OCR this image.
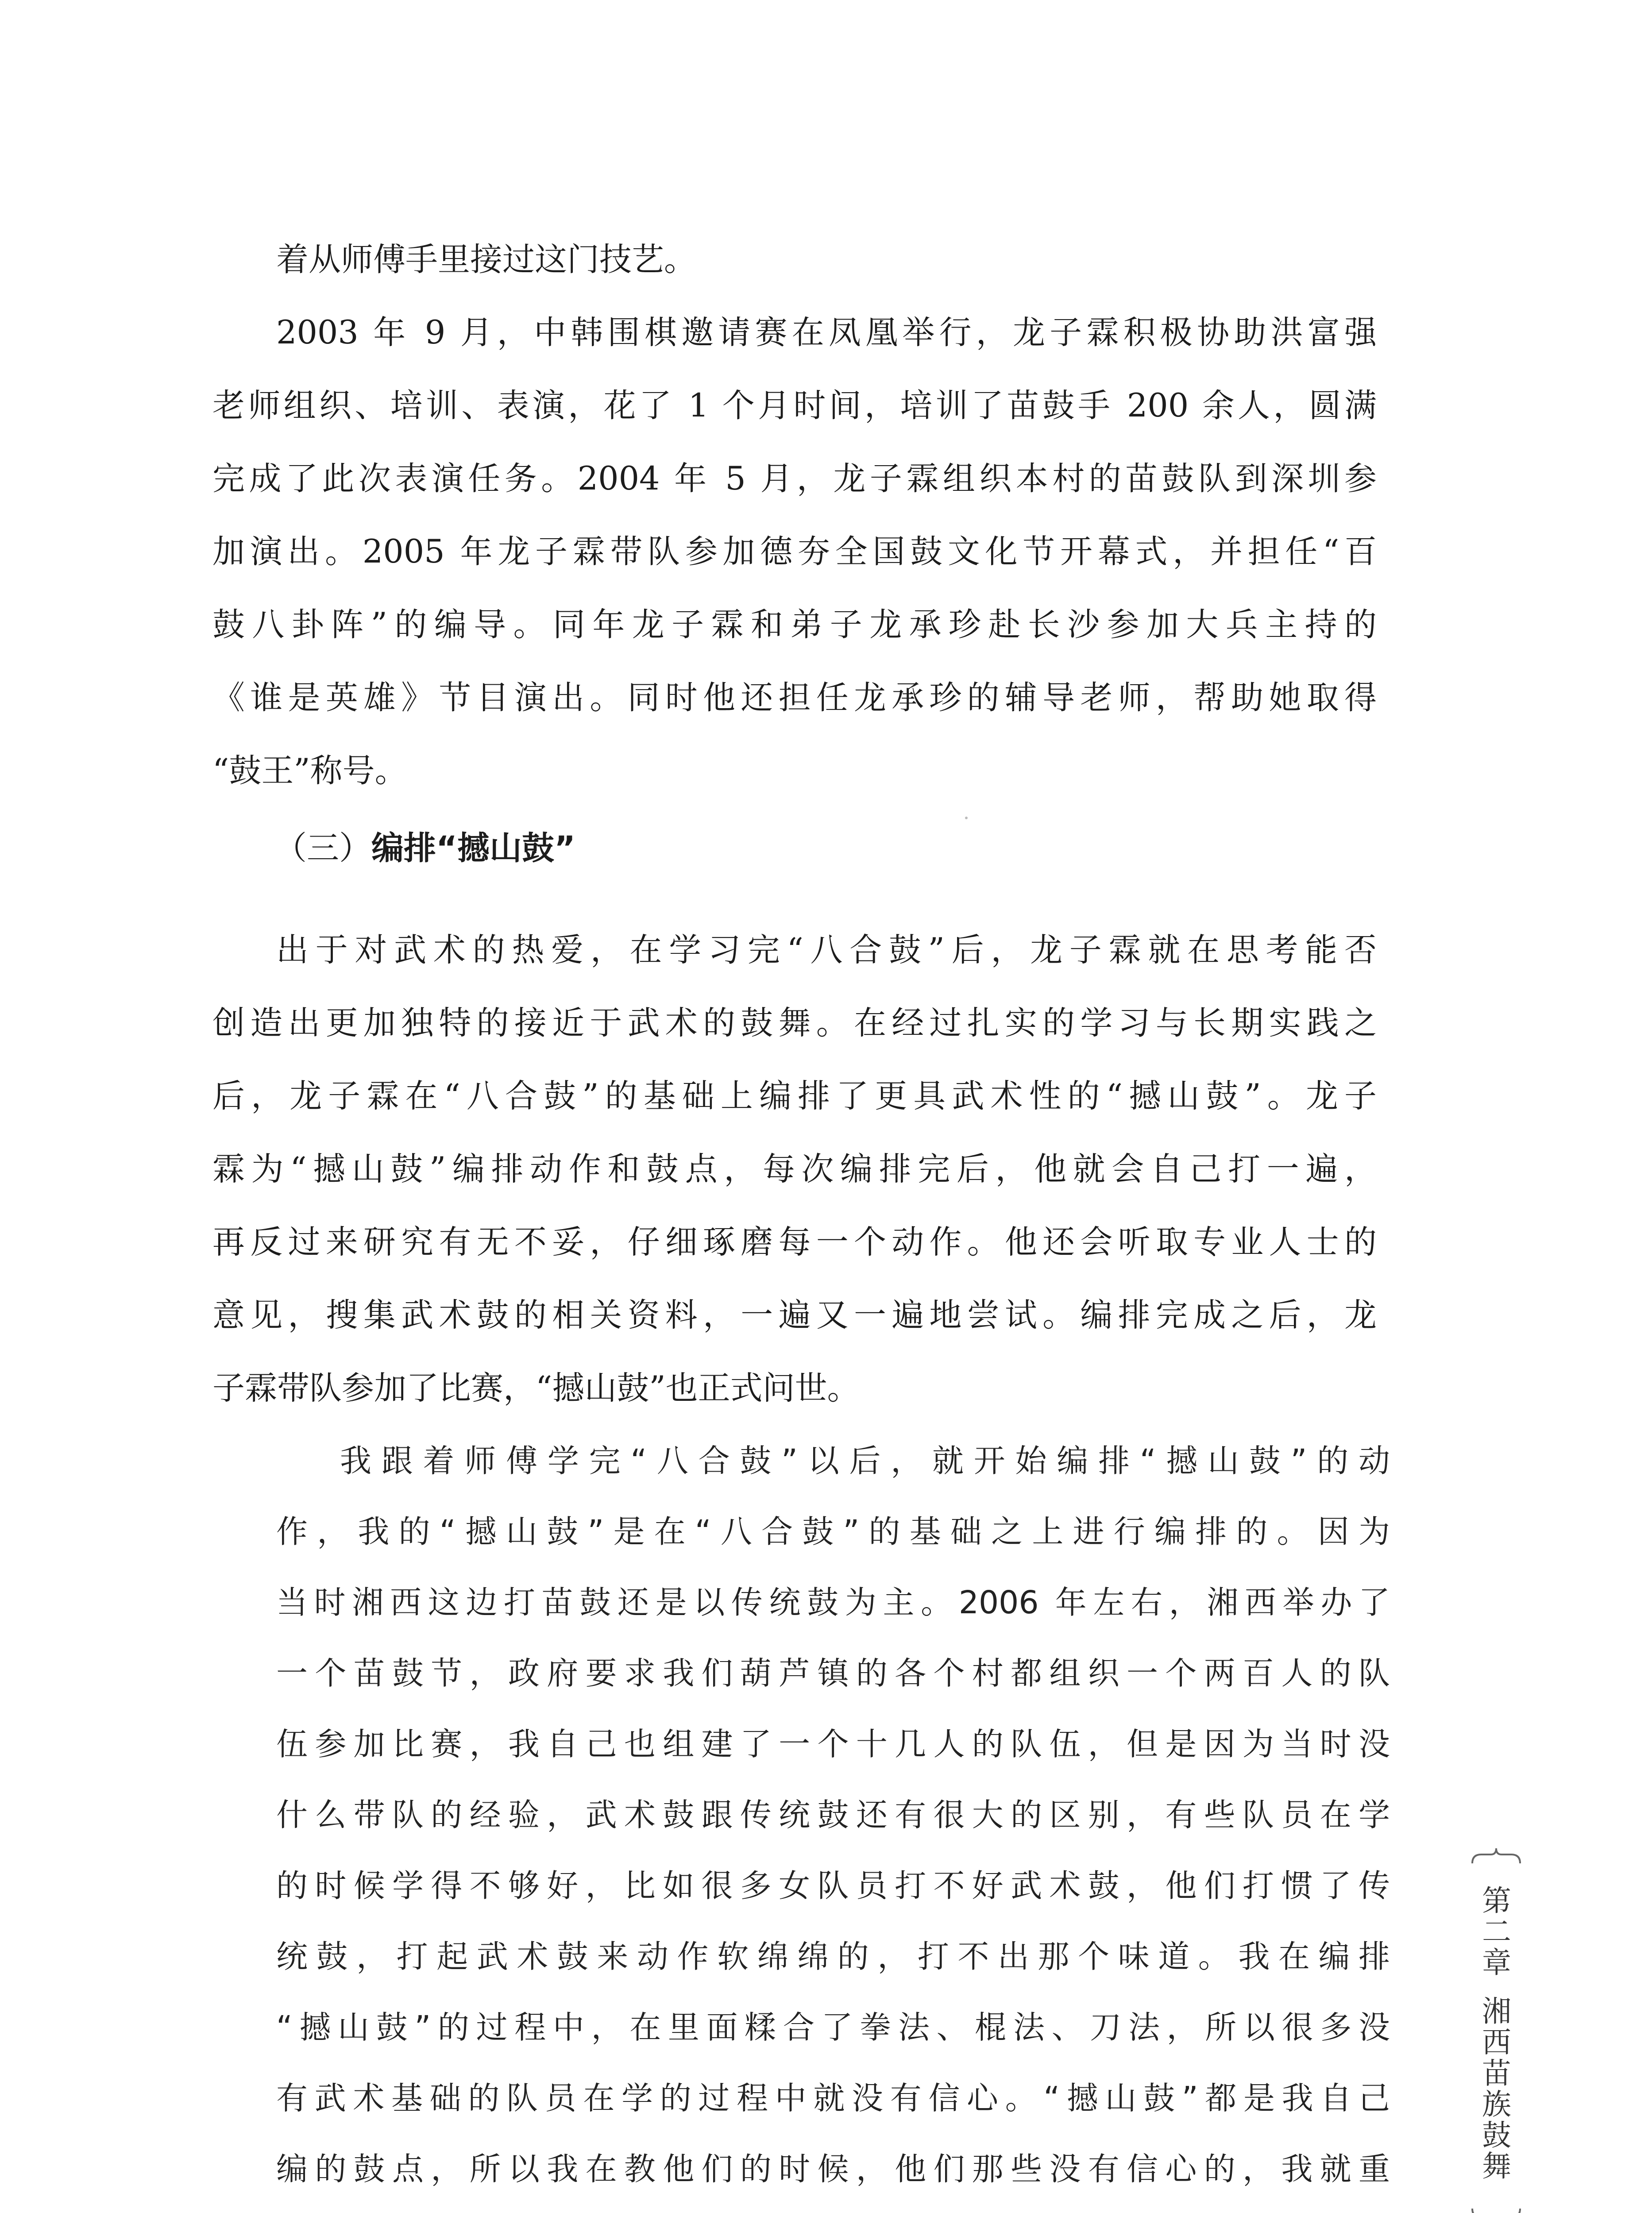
着从师傅手里接过这门技艺。
2003 年 9 月，中韩围棋邀请赛在凤凰举行，龙子霖积极协助洪富强
老师组织、培训、表演，花了 1 个月时间，培训了苗鼓手 200 余人，圆满
完成了此次表演任务。2004 年 5 月，龙子霖组织本村的苗鼓队到深圳参
加演出。2005 年龙子霖带队参加德夯全国鼓文化节开幕式，并担任“百
鼓八卦阵”的编导。同年龙子霖和弟子龙承珍赴长沙参加大兵主持的
《谁是英雄》节目演出。同时他还担任龙承珍的辅导老师，帮助她取得
“鼓王”称号。
（三）编排“撼山鼓”
出于对武术的热爱，在学习完“八合鼓”后，龙子霖就在思考能否
创造出更加独特的接近于武术的鼓舞。在经过扎实的学习与长期实践之
后，龙子霖在“八合鼓”的基础上编排了更具武术性的“撼山鼓”。龙子
霖为“撼山鼓”编排动作和鼓点，每次编排完后，他就会自己打一遍，
再反过来研究有无不妥，仔细琢磨每一个动作。他还会听取专业人士的
意见，搜集武术鼓的相关资料，一遍又一遍地尝试。编排完成之后，龙
子霖带队参加了比赛，“撼山鼓”也正式问世。
我跟着师傅学完“八合鼓”以后，就开始编排“撼山鼓”的动
作，我的“撼山鼓”是在“八合鼓”的基础之上进行编排的。因为
当时湘西这边打苗鼓还是以传统鼓为主。2006 年左右，湘西举办了
一个苗鼓节，政府要求我们葫芦镇的各个村都组织一个两百人的队
伍参加比赛，我自己也组建了一个十几人的队伍，但是因为当时没
什么带队的经验，武术鼓跟传统鼓还有很大的区别，有些队员在学
的时候学得不够好，比如很多女队员打不好武术鼓，他们打惯了传
统鼓，打起武术鼓来动作软绵绵的，打不出那个味道。我在编排
“撼山鼓”的过程中，在里面糅合了拳法、棍法、刀法，所以很多没
有武术基础的队员在学的过程中就没有信心。“撼山鼓”都是我自己
编的鼓点，所以我在教他们的时候，他们那些没有信心的，我就重
第
二
章
湘
西
苗
族
鼓
舞
